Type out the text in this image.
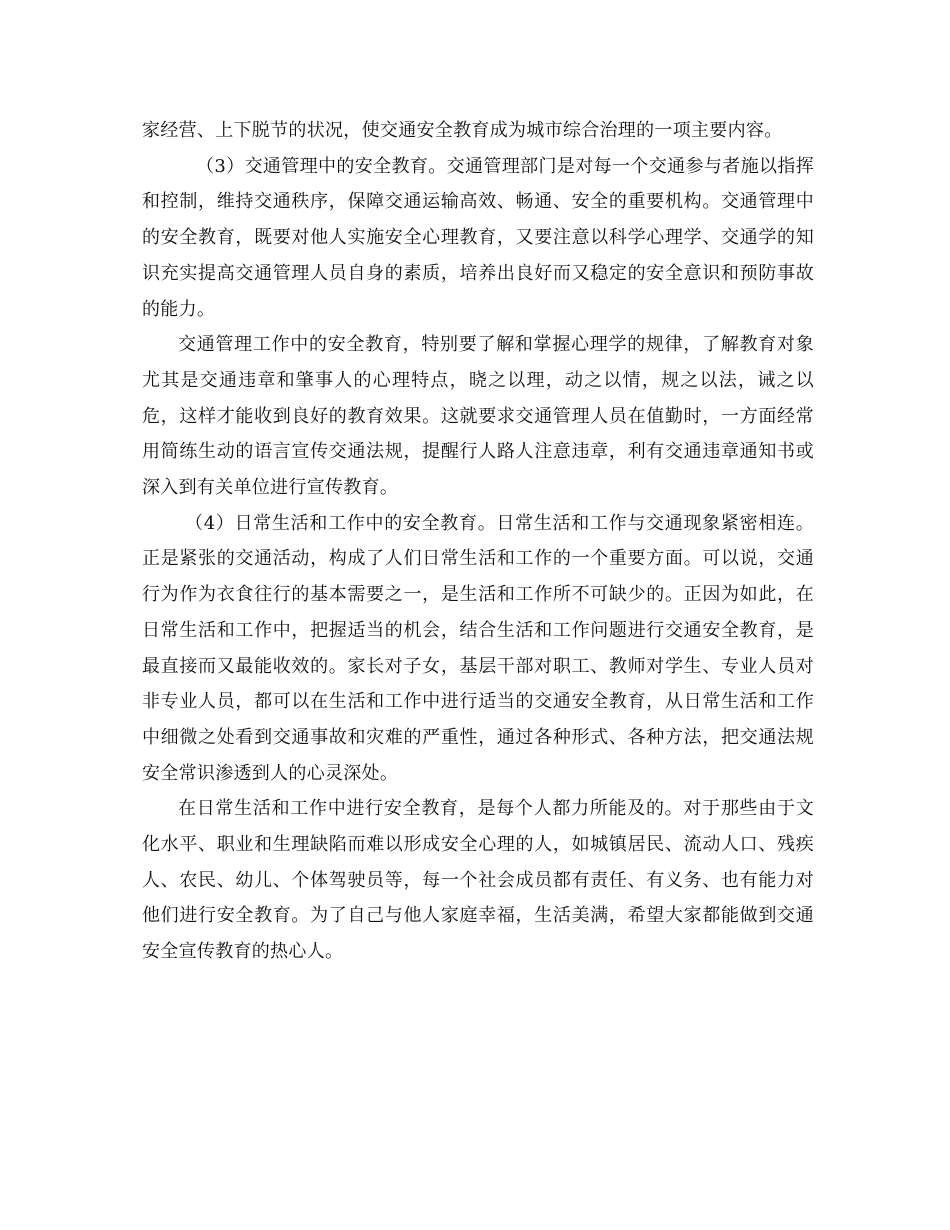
家经营、上下脱节的状况，使交通安全教育成为城市综合治理的一项主要内容。

（3）交通管理中的安全教育。交通管理部门是对每一个交通参与者施以指挥和控制，维持交通秩序，保障交通运输高效、畅通、安全的重要机构。交通管理中的安全教育，既要对他人实施安全心理教育，又要注意以科学心理学、交通学的知识充实提高交通管理人员自身的素质，培养出良好而又稳定的安全意识和预防事故的能力。

交通管理工作中的安全教育，特别要了解和掌握心理学的规律，了解教育对象尤其是交通违章和肇事人的心理特点，晓之以理，动之以情，规之以法，诫之以危，这样才能收到良好的教育效果。这就要求交通管理人员在值勤时，一方面经常用简练生动的语言宣传交通法规，提醒行人路人注意违章，利有交通违章通知书或深入到有关单位进行宣传教育。

（4）日常生活和工作中的安全教育。日常生活和工作与交通现象紧密相连。正是紧张的交通活动，构成了人们日常生活和工作的一个重要方面。可以说，交通行为作为衣食往行的基本需要之一，是生活和工作所不可缺少的。正因为如此，在日常生活和工作中，把握适当的机会，结合生活和工作问题进行交通安全教育，是最直接而又最能收效的。家长对子女，基层干部对职工、教师对学生、专业人员对非专业人员，都可以在生活和工作中进行适当的交通安全教育，从日常生活和工作中细微之处看到交通事故和灾难的严重性，通过各种形式、各种方法，把交通法规安全常识渗透到人的心灵深处。

在日常生活和工作中进行安全教育，是每个人都力所能及的。对于那些由于文化水平、职业和生理缺陷而难以形成安全心理的人，如城镇居民、流动人口、残疾人、农民、幼儿、个体驾驶员等，每一个社会成员都有责任、有义务、也有能力对他们进行安全教育。为了自己与他人家庭幸福，生活美满，希望大家都能做到交通安全宣传教育的热心人。
